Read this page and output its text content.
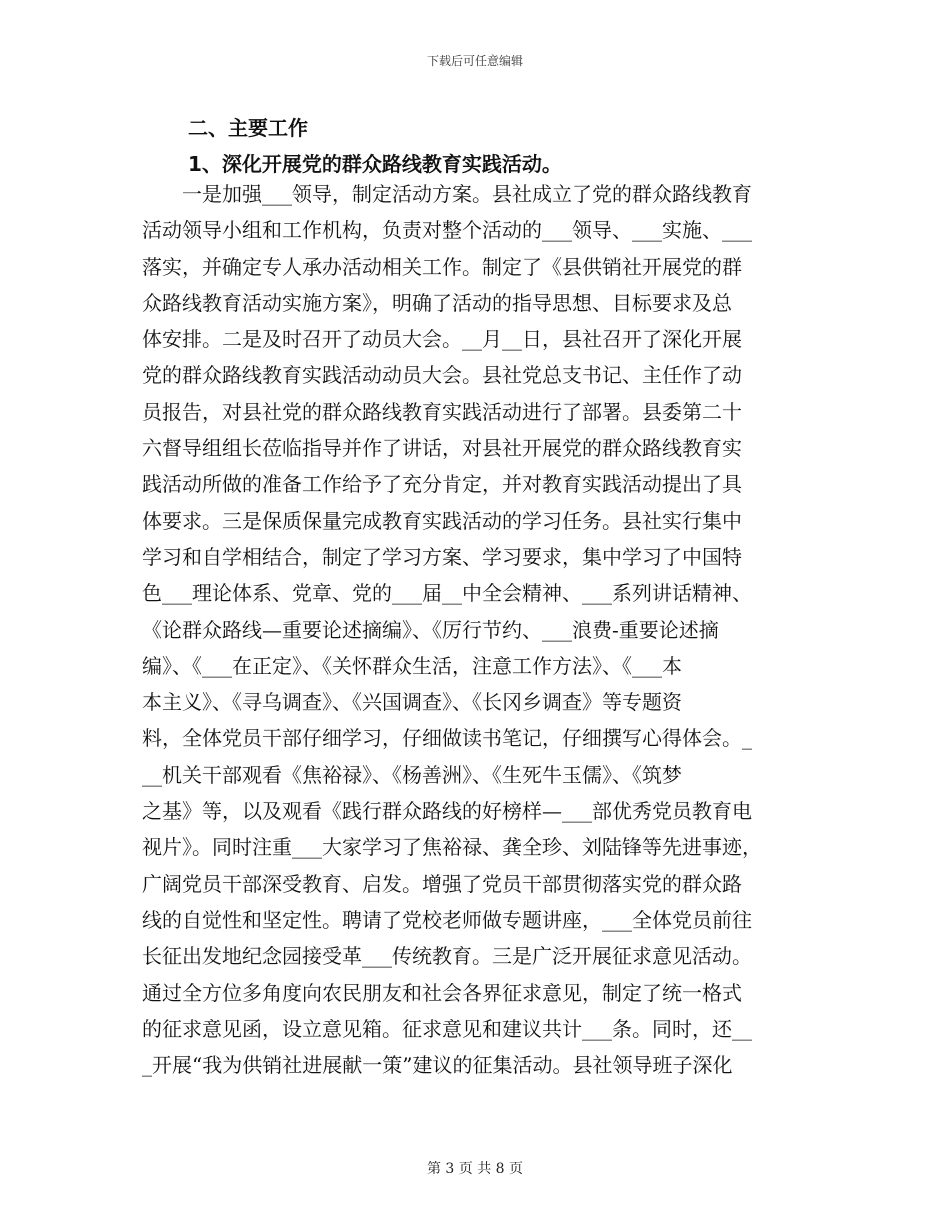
下载后可任意编辑
二、主要工作
1、深化开展党的群众路线教育实践活动。
　　一是加强___领导，制定活动方案。县社成立了党的群众路线教育
活动领导小组和工作机构，负责对整个活动的___领导、___实施、___
落实，并确定专人承办活动相关工作。制定了《县供销社开展党的群
众路线教育活动实施方案》，明确了活动的指导思想、目标要求及总
体安排。二是及时召开了动员大会。__月__日，县社召开了深化开展
党的群众路线教育实践活动动员大会。县社党总支书记、主任作了动
员报告，对县社党的群众路线教育实践活动进行了部署。县委第二十
六督导组组长莅临指导并作了讲话，对县社开展党的群众路线教育实
践活动所做的准备工作给予了充分肯定，并对教育实践活动提出了具
体要求。三是保质保量完成教育实践活动的学习任务。县社实行集中
学习和自学相结合，制定了学习方案、学习要求，集中学习了中国特
色___理论体系、党章、党的___届__中全会精神、___系列讲话精神、
《论群众路线—重要论述摘编》、《厉行节约、___浪费-重要论述摘
编》、《___在正定》、《关怀群众生活，注意工作方法》、《___本
本主义》、《寻乌调查》、《兴国调查》、《长冈乡调查》等专题资
料，全体党员干部仔细学习，仔细做读书笔记，仔细撰写心得体会。_
__机关干部观看《焦裕禄》、《杨善洲》、《生死牛玉儒》、《筑梦
之基》等，以及观看《践行群众路线的好榜样—___部优秀党员教育电
视片》。同时注重___大家学习了焦裕禄、龚全珍、刘陆锋等先进事迹，
广阔党员干部深受教育、启发。增强了党员干部贯彻落实党的群众路
线的自觉性和坚定性。聘请了党校老师做专题讲座，___全体党员前往
长征出发地纪念园接受革___传统教育。三是广泛开展征求意见活动。
通过全方位多角度向农民朋友和社会各界征求意见，制定了统一格式
的征求意见函，设立意见箱。征求意见和建议共计___条。同时，还__
_开展“我为供销社进展献一策”建议的征集活动。县社领导班子深化
第 3 页 共 8 页
